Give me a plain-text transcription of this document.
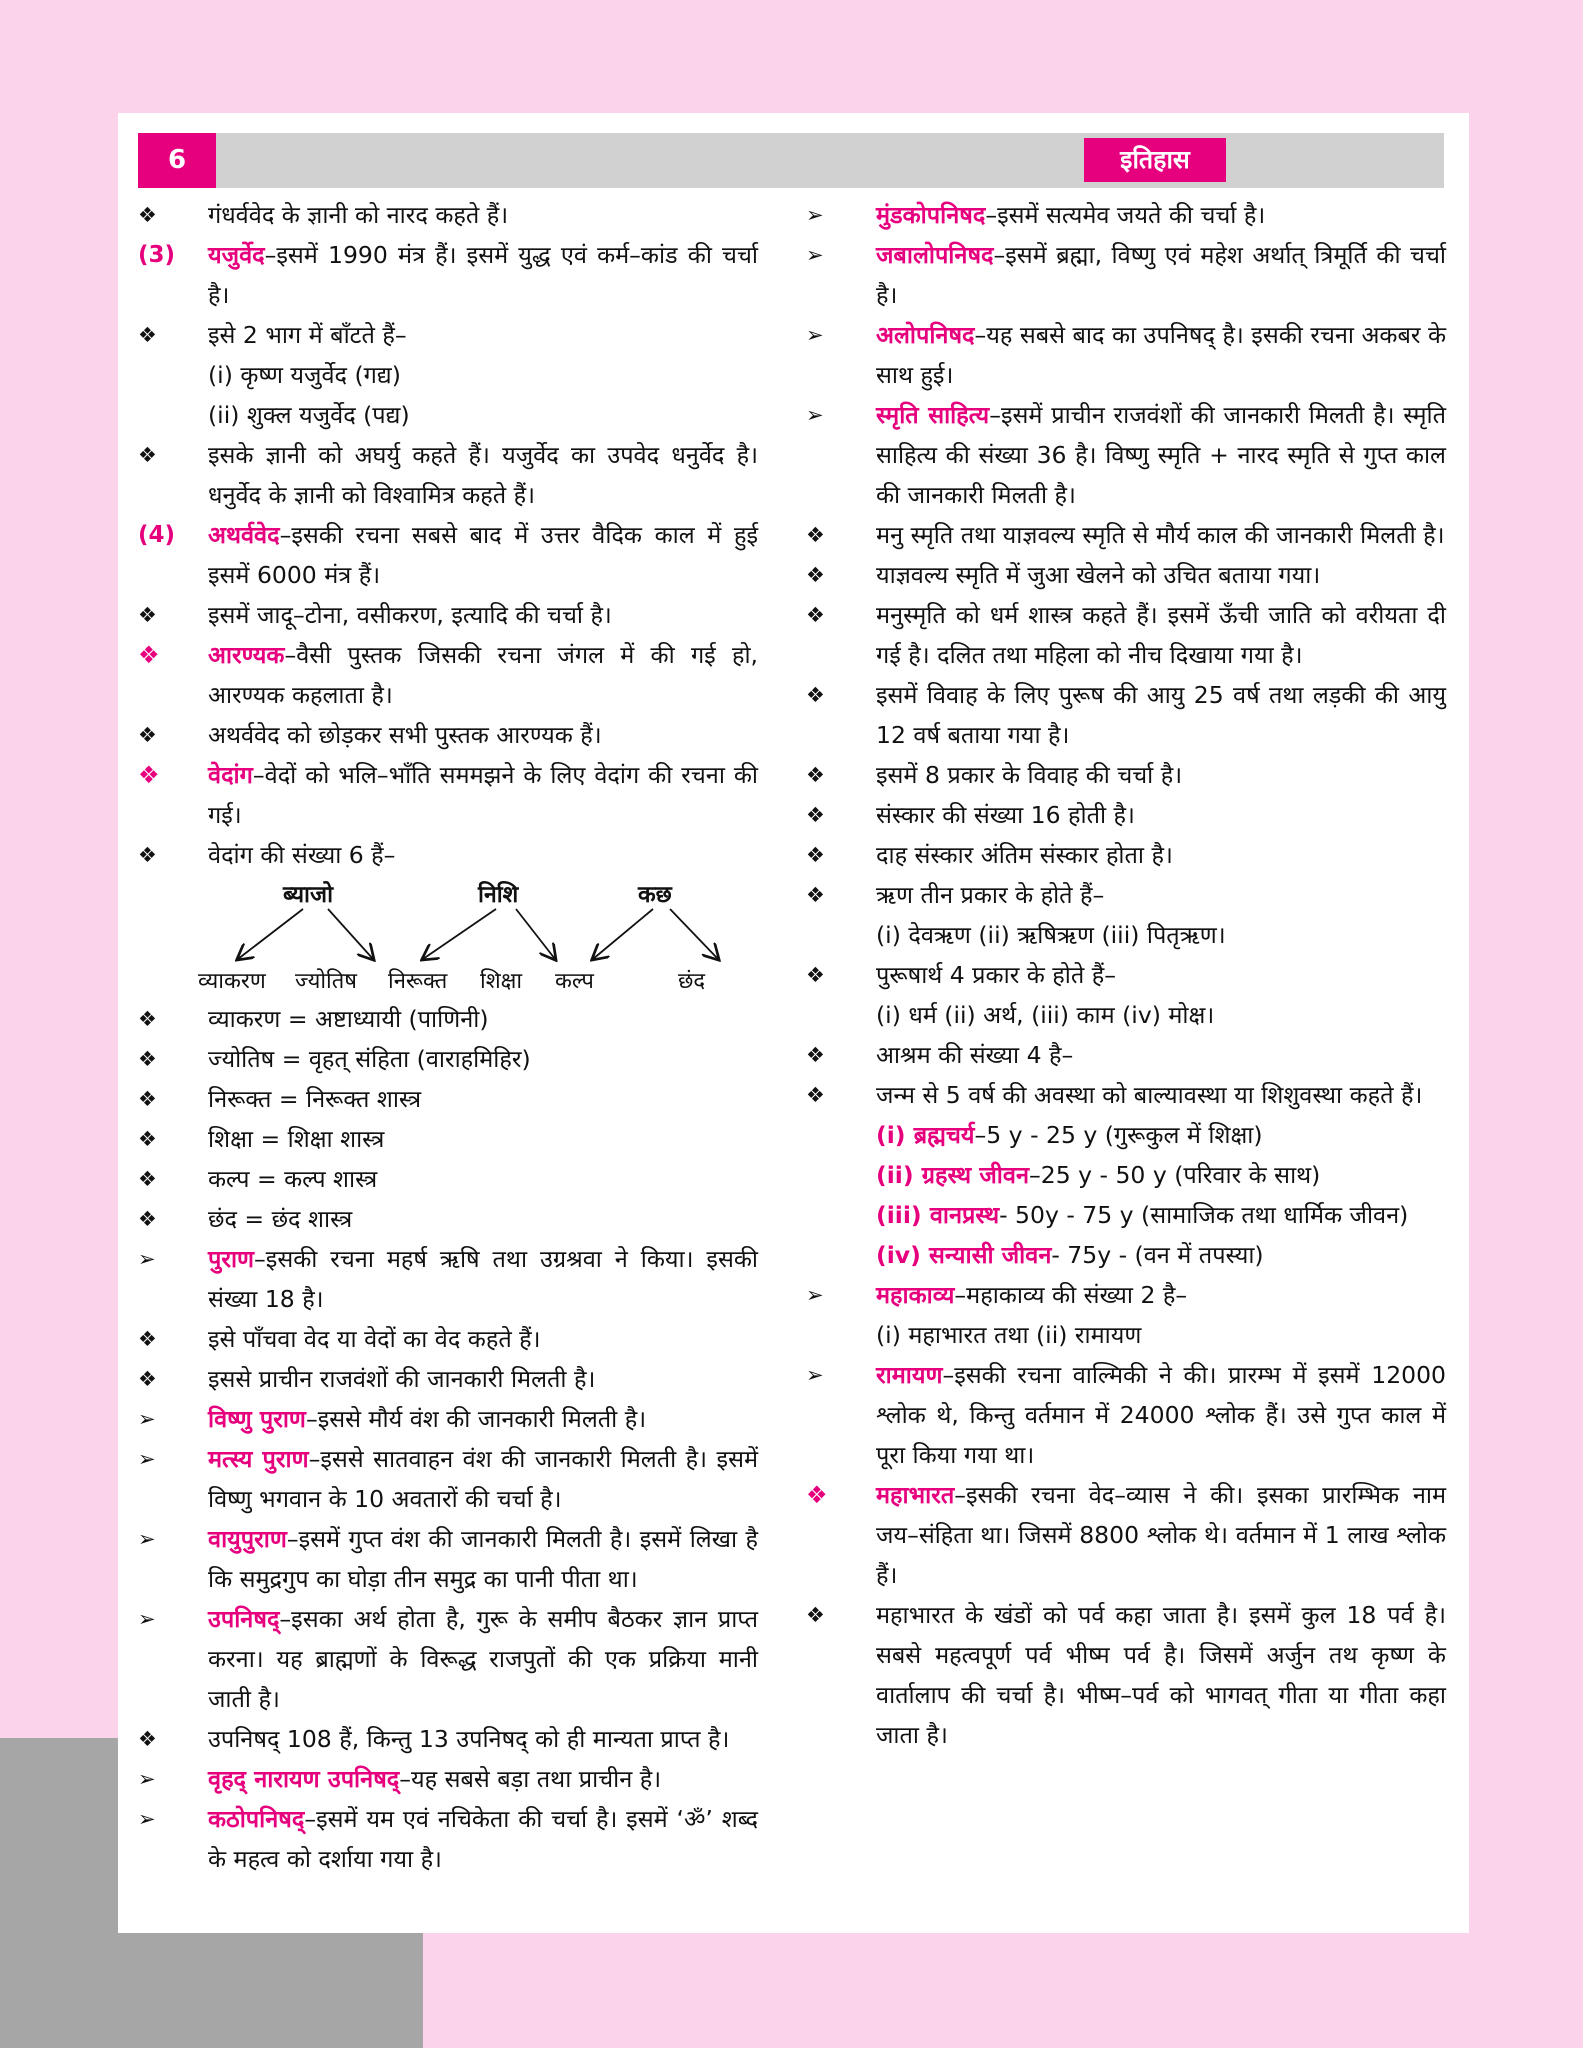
6	इतिहास
❖	गंधर्ववेद के ज्ञानी को नारद कहते हैं।
(3)	यजुर्वेद–इसमें 1990 मंत्र हैं। इसमें युद्ध एवं कर्म–कांड की चर्चा है।
❖	इसे 2 भाग में बाँटते हैं–
(i) कृष्ण यजुर्वेद (गद्य)
(ii) शुक्ल यजुर्वेद (पद्य)
❖	इसके ज्ञानी को अघर्यु कहते हैं। यजुर्वेद का उपवेद धनुर्वेद है। धनुर्वेद के ज्ञानी को विश्वामित्र कहते हैं।
(4)	अथर्ववेद–इसकी रचना सबसे बाद में उत्तर वैदिक काल में हुई इसमें 6000 मंत्र हैं।
❖	इसमें जादू–टोना, वसीकरण, इत्यादि की चर्चा है।
❖	आरण्यक–वैसी पुस्तक जिसकी रचना जंगल में की गई हो, आरण्यक कहलाता है।
❖	अथर्ववेद को छोड़कर सभी पुस्तक आरण्यक हैं।
❖	वेदांग–वेदों को भलि–भाँति सममझने के लिए वेदांग की रचना की गई।
❖	वेदांग की संख्या 6 हैं–
ब्याजो	निशि	कछ
व्याकरण ज्योतिष निरूक्त शिक्षा कल्प	छंद
❖	व्याकरण = अष्टाध्यायी (पाणिनी)
❖	ज्योतिष = वृहत् संहिता (वाराहमिहिर)
❖	निरूक्त = निरूक्त शास्त्र
❖	शिक्षा = शिक्षा शास्त्र
❖	कल्प = कल्प शास्त्र
❖	छंद = छंद शास्त्र
➢	पुराण–इसकी रचना महर्ष ऋषि तथा उग्रश्रवा ने किया। इसकी संख्या 18 है।
❖	इसे पाँचवा वेद या वेदों का वेद कहते हैं।
❖	इससे प्राचीन राजवंशों की जानकारी मिलती है।
➢	विष्णु पुराण–इससे मौर्य वंश की जानकारी मिलती है।
➢	मत्स्य पुराण–इससे सातवाहन वंश की जानकारी मिलती है। इसमें विष्णु भगवान के 10 अवतारों की चर्चा है।
➢	वायुपुराण–इसमें गुप्त वंश की जानकारी मिलती है। इसमें लिखा है कि समुद्रगुप का घोड़ा तीन समुद्र का पानी पीता था।
➢	उपनिषद्–इसका अर्थ होता है, गुरू के समीप बैठकर ज्ञान प्राप्त करना। यह ब्राह्मणों के विरूद्ध राजपुतों की एक प्रक्रिया मानी जाती है।
❖	उपनिषद् 108 हैं, किन्तु 13 उपनिषद् को ही मान्यता प्राप्त है।
➢	वृहद् नारायण उपनिषद्–यह सबसे बड़ा तथा प्राचीन है।
➢	कठोपनिषद्–इसमें यम एवं नचिकेता की चर्चा है। इसमें ‘ॐ’ शब्द के महत्व को दर्शाया गया है।
➢	मुंडकोपनिषद–इसमें सत्यमेव जयते की चर्चा है।
➢	जबालोपनिषद–इसमें ब्रह्मा, विष्णु एवं महेश अर्थात् त्रिमूर्ति की चर्चा है।
➢	अलोपनिषद–यह सबसे बाद का उपनिषद् है। इसकी रचना अकबर के साथ हुई।
➢	स्मृति साहित्य–इसमें प्राचीन राजवंशों की जानकारी मिलती है। स्मृति साहित्य की संख्या 36 है। विष्णु स्मृति + नारद स्मृति से गुप्त काल की जानकारी मिलती है।
❖	मनु स्मृति तथा याज्ञवल्य स्मृति से मौर्य काल की जानकारी मिलती है।
❖	याज्ञवल्य स्मृति में जुआ खेलने को उचित बताया गया।
❖	मनुस्मृति को धर्म शास्त्र कहते हैं। इसमें ऊँची जाति को वरीयता दी गई है। दलित तथा महिला को नीच दिखाया गया है।
❖	इसमें विवाह के लिए पुरूष की आयु 25 वर्ष तथा लड़की की आयु 12 वर्ष बताया गया है।
❖	इसमें 8 प्रकार के विवाह की चर्चा है।
❖	संस्कार की संख्या 16 होती है।
❖	दाह संस्कार अंतिम संस्कार होता है।
❖	ऋण तीन प्रकार के होते हैं–
(i) देवऋण (ii) ऋषिऋण (iii) पितृऋण।
❖	पुरूषार्थ 4 प्रकार के होते हैं–
(i) धर्म (ii) अर्थ, (iii) काम (iv) मोक्ष।
❖	आश्रम की संख्या 4 है–
❖	जन्म से 5 वर्ष की अवस्था को बाल्यावस्था या शिशुवस्था कहते हैं।
(i) ब्रह्मचर्य–5 y - 25 y (गुरूकुल में शिक्षा)
(ii) ग्रहस्थ जीवन–25 y - 50 y (परिवार के साथ)
(iii) वानप्रस्थ- 50y - 75 y (सामाजिक तथा धार्मिक जीवन)
(iv) सन्यासी जीवन- 75y - (वन में तपस्या)
➢	महाकाव्य–महाकाव्य की संख्या 2 है–
(i) महाभारत तथा (ii) रामायण
➢	रामायण–इसकी रचना वाल्मिकी ने की। प्रारम्भ में इसमें 12000 श्लोक थे, किन्तु वर्तमान में 24000 श्लोक हैं। उसे गुप्त काल में पूरा किया गया था।
❖	महाभारत–इसकी रचना वेद–व्यास ने की। इसका प्रारम्भिक नाम जय–संहिता था। जिसमें 8800 श्लोक थे। वर्तमान में 1 लाख श्लोक हैं।
❖	महाभारत के खंडों को पर्व कहा जाता है। इसमें कुल 18 पर्व है। सबसे महत्वपूर्ण पर्व भीष्म पर्व है। जिसमें अर्जुन तथ कृष्ण के वार्तालाप की चर्चा है। भीष्म–पर्व को भागवत् गीता या गीता कहा जाता है।
